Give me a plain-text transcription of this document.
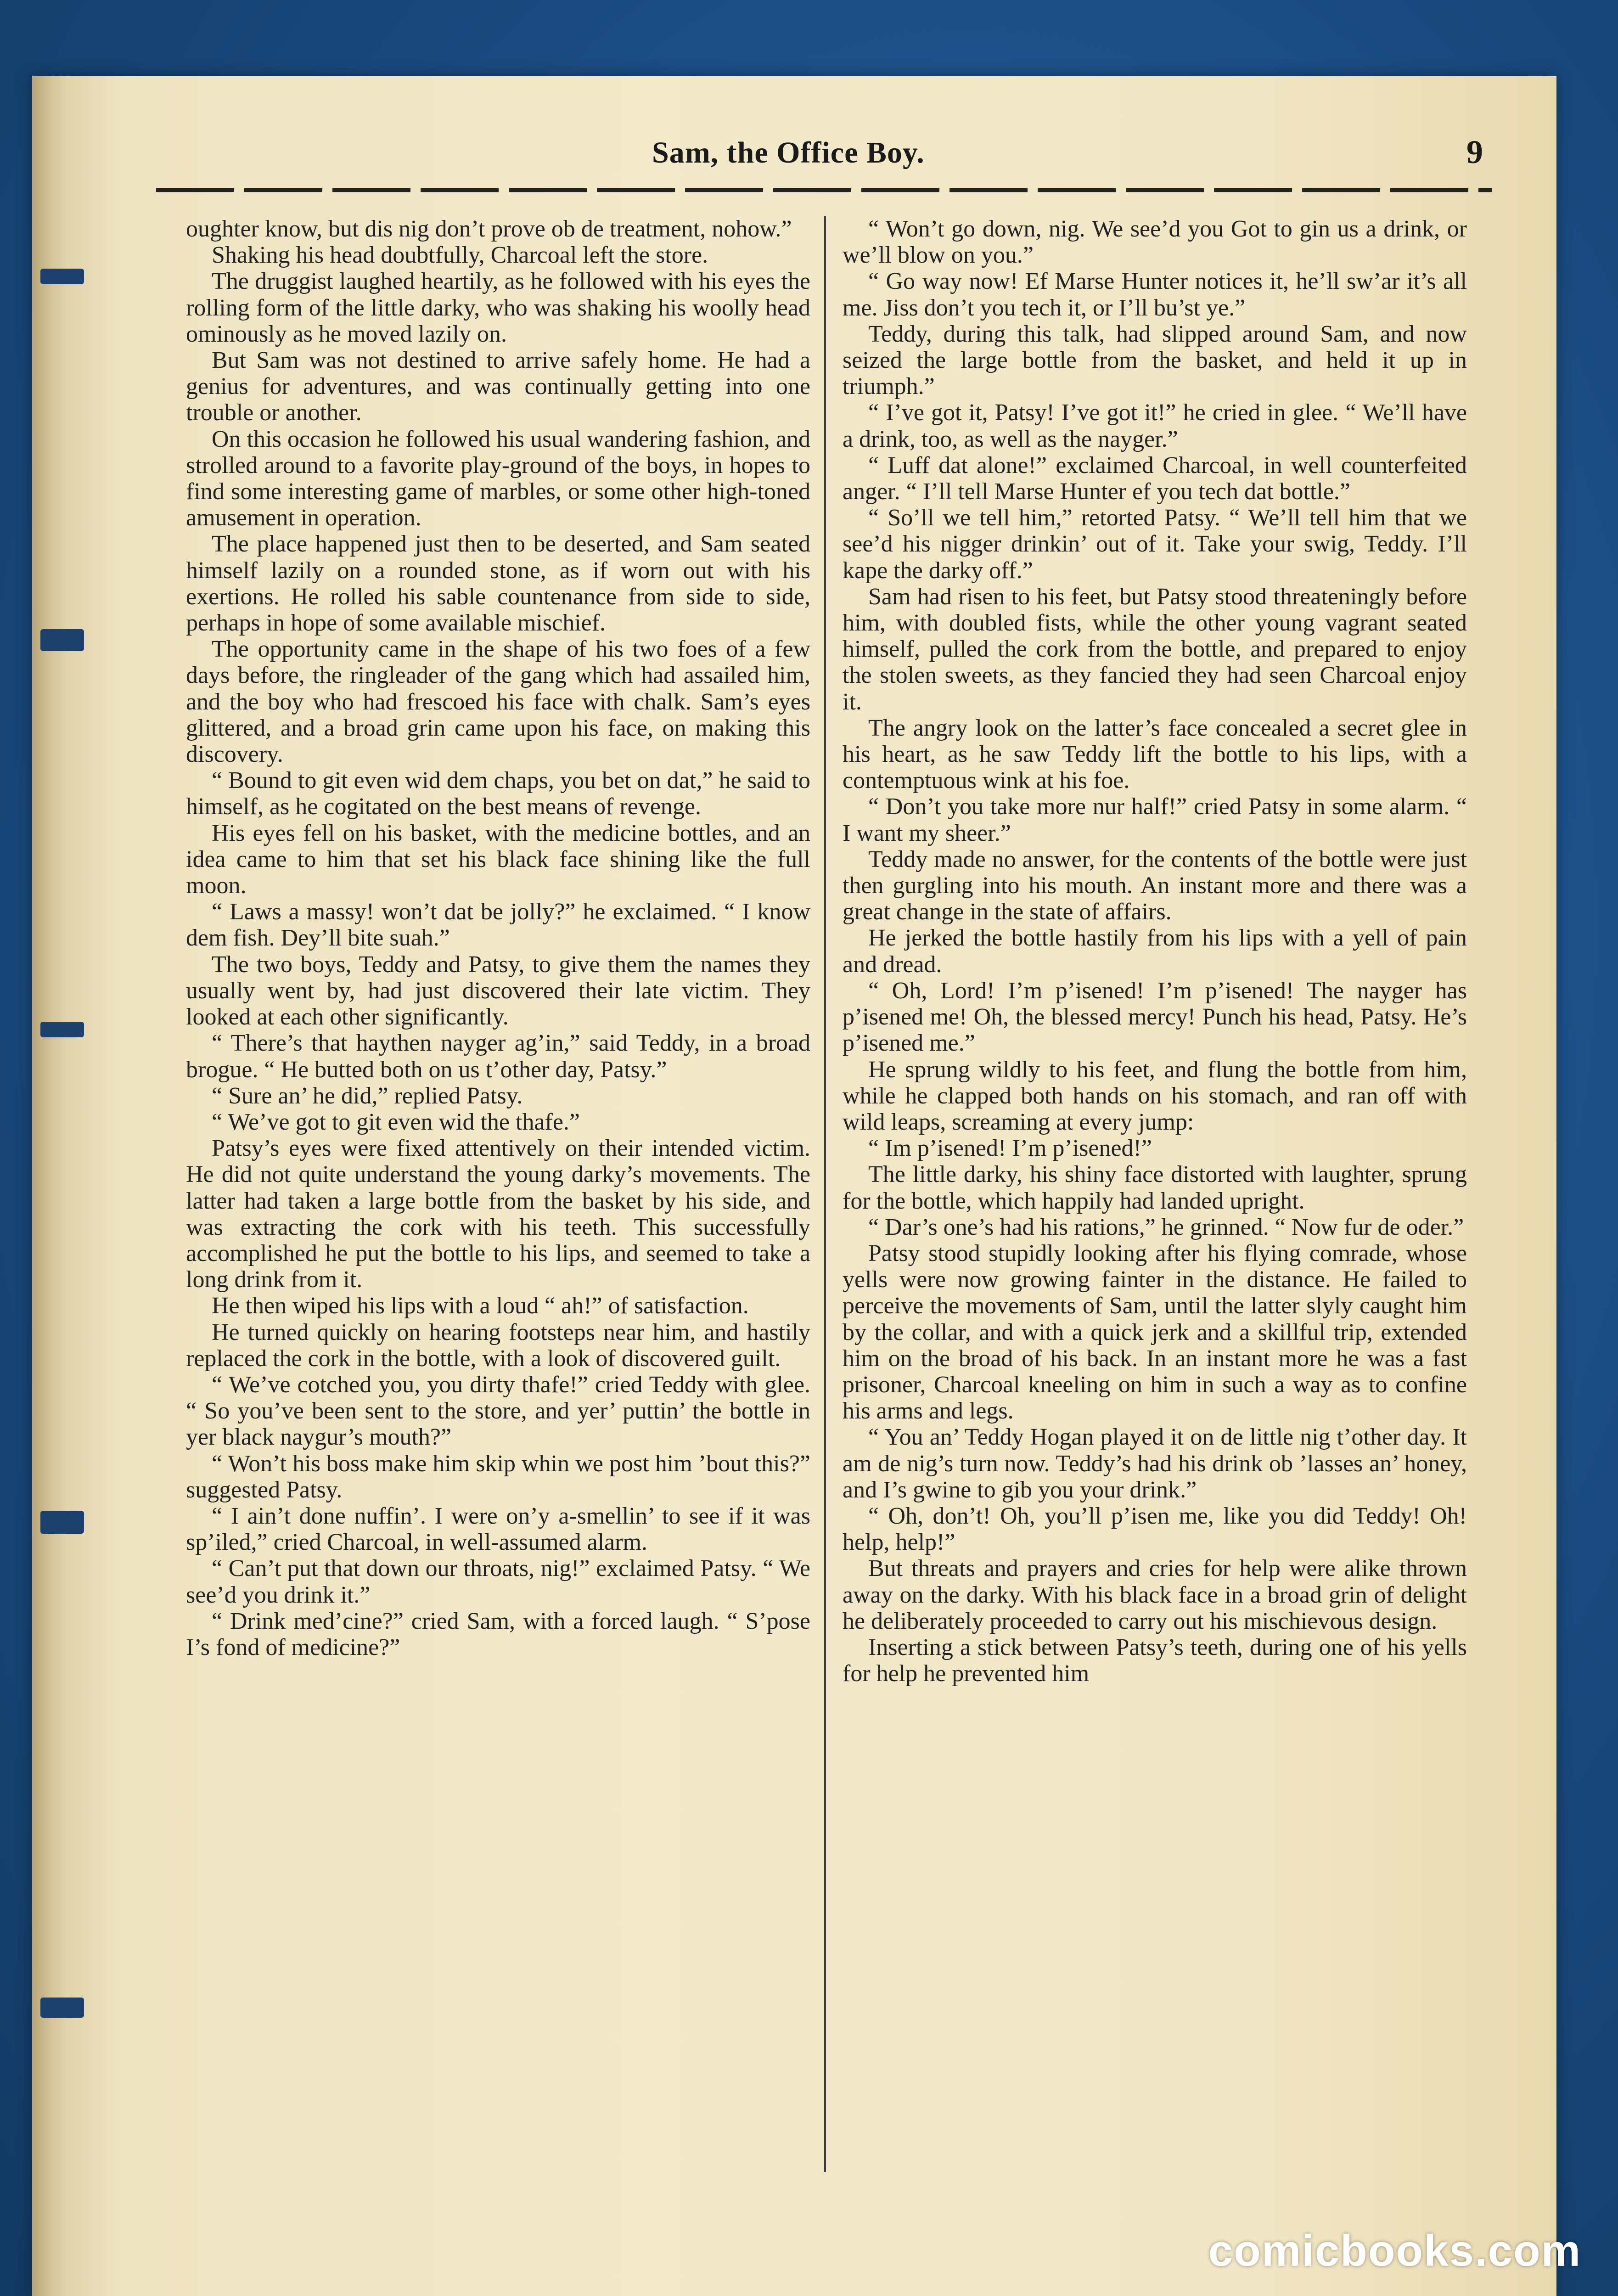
Sam, the Office Boy.	9

oughter know, but dis nig don’t prove ob de treatment, nohow.”

Shaking his head doubtfully, Charcoal left the store.

The druggist laughed heartily, as he followed with his eyes the rolling form of the little darky, who was shaking his woolly head ominously as he moved lazily on.

But Sam was not destined to arrive safely home. He had a genius for adventures, and was continually getting into one trouble or another.

On this occasion he followed his usual wandering fashion, and strolled around to a favorite play-ground of the boys, in hopes to find some interesting game of marbles, or some other high-toned amusement in operation.

The place happened just then to be deserted, and Sam seated himself lazily on a rounded stone, as if worn out with his exertions. He rolled his sable countenance from side to side, perhaps in hope of some available mischief.

The opportunity came in the shape of his two foes of a few days before, the ringleader of the gang which had assailed him, and the boy who had frescoed his face with chalk. Sam’s eyes glittered, and a broad grin came upon his face, on making this discovery.

“ Bound to git even wid dem chaps, you bet on dat,” he said to himself, as he cogitated on the best means of revenge.

His eyes fell on his basket, with the medicine bottles, and an idea came to him that set his black face shining like the full moon.

“ Laws a massy! won’t dat be jolly?” he exclaimed. “ I know dem fish. Dey’ll bite suah.”

The two boys, Teddy and Patsy, to give them the names they usually went by, had just discovered their late victim. They looked at each other significantly.

“ There’s that haythen nayger ag’in,” said Teddy, in a broad brogue. “ He butted both on us t’other day, Patsy.”

“ Sure an’ he did,” replied Patsy.

“ We’ve got to git even wid the thafe.”

Patsy’s eyes were fixed attentively on their intended victim. He did not quite understand the young darky’s movements. The latter had taken a large bottle from the basket by his side, and was extracting the cork with his teeth. This successfully accomplished he put the bottle to his lips, and seemed to take a long drink from it.

He then wiped his lips with a loud “ ah!” of satisfaction.

He turned quickly on hearing footsteps near him, and hastily replaced the cork in the bottle, with a look of discovered guilt.

“ We’ve cotched you, you dirty thafe!” cried Teddy with glee. “ So you’ve been sent to the store, and yer’ puttin’ the bottle in yer black naygur’s mouth?”

“ Won’t his boss make him skip whin we post him ’bout this?” suggested Patsy.

“ I ain’t done nuffin’. I were on’y a-smellin’ to see if it was sp’iled,” cried Charcoal, in well-assumed alarm.

“ Can’t put that down our throats, nig!” exclaimed Patsy. “ We see’d you drink it.”

“ Drink med’cine?” cried Sam, with a forced laugh. “ S’pose I’s fond of medicine?”

“ Won’t go down, nig. We see’d you Got to gin us a drink, or we’ll blow on you.”

“ Go way now! Ef Marse Hunter notices it, he’ll sw’ar it’s all me. Jiss don’t you tech it, or I’ll bu’st ye.”

Teddy, during this talk, had slipped around Sam, and now seized the large bottle from the basket, and held it up in triumph.”

“ I’ve got it, Patsy! I’ve got it!” he cried in glee. “ We’ll have a drink, too, as well as the nayger.”

“ Luff dat alone!” exclaimed Charcoal, in well counterfeited anger. “ I’ll tell Marse Hunter ef you tech dat bottle.”

“ So’ll we tell him,” retorted Patsy. “ We’ll tell him that we see’d his nigger drinkin’ out of it. Take your swig, Teddy. I’ll kape the darky off.”

Sam had risen to his feet, but Patsy stood threateningly before him, with doubled fists, while the other young vagrant seated himself, pulled the cork from the bottle, and prepared to enjoy the stolen sweets, as they fancied they had seen Charcoal enjoy it.

The angry look on the latter’s face concealed a secret glee in his heart, as he saw Teddy lift the bottle to his lips, with a contemptuous wink at his foe.

“ Don’t you take more nur half!” cried Patsy in some alarm. “ I want my sheer.”

Teddy made no answer, for the contents of the bottle were just then gurgling into his mouth. An instant more and there was a great change in the state of affairs.

He jerked the bottle hastily from his lips with a yell of pain and dread.

“ Oh, Lord! I’m p’isened! I’m p’isened! The nayger has p’isened me! Oh, the blessed mercy! Punch his head, Patsy. He’s p’isened me.”

He sprung wildly to his feet, and flung the bottle from him, while he clapped both hands on his stomach, and ran off with wild leaps, screaming at every jump:

“ Im p’isened! I’m p’isened!”

The little darky, his shiny face distorted with laughter, sprung for the bottle, which happily had landed upright.

“ Dar’s one’s had his rations,” he grinned. “ Now fur de oder.”

Patsy stood stupidly looking after his flying comrade, whose yells were now growing fainter in the distance. He failed to perceive the movements of Sam, until the latter slyly caught him by the collar, and with a quick jerk and a skillful trip, extended him on the broad of his back. In an instant more he was a fast prisoner, Charcoal kneeling on him in such a way as to confine his arms and legs.

“ You an’ Teddy Hogan played it on de little nig t’other day. It am de nig’s turn now. Teddy’s had his drink ob ’lasses an’ honey, and I’s gwine to gib you your drink.”

“ Oh, don’t! Oh, you’ll p’isen me, like you did Teddy! Oh! help, help!”

But threats and prayers and cries for help were alike thrown away on the darky. With his black face in a broad grin of delight he deliberately proceeded to carry out his mischievous design.

Inserting a stick between Patsy’s teeth, during one of his yells for help he prevented him

comicbooks.com
